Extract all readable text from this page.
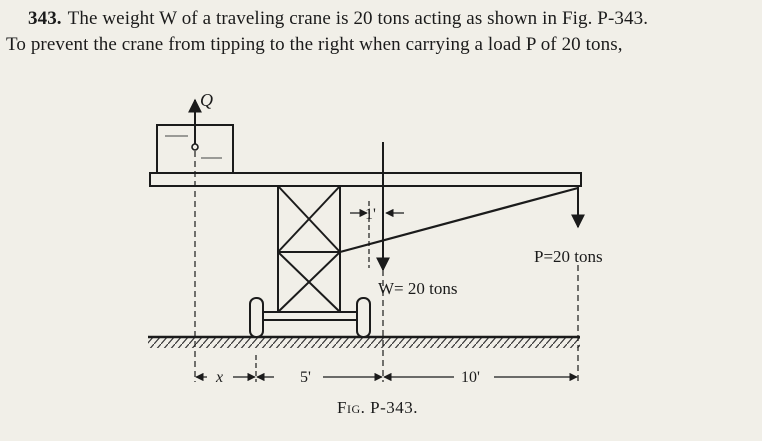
343. The weight W of a traveling crane is 20 tons acting as shown in Fig. P-343.
To prevent the crane from tipping to the right when carrying a load P of 20 tons,
Q
W= 20 tons
1'
P=20 tons
x	5'	10'
Fig. P-343.
